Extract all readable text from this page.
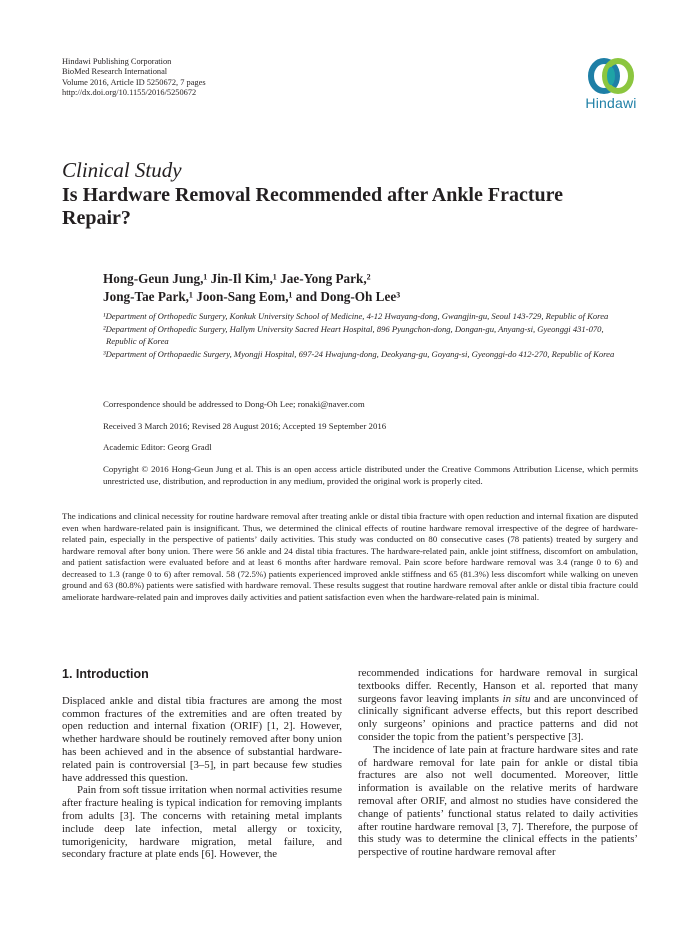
Hindawi Publishing Corporation
BioMed Research International
Volume 2016, Article ID 5250672, 7 pages
http://dx.doi.org/10.1155/2016/5250672
Hindawi
Clinical Study
Is Hardware Removal Recommended after Ankle Fracture Repair?
Hong-Geun Jung,¹ Jin-Il Kim,¹ Jae-Yong Park,²
Jong-Tae Park,¹ Joon-Sang Eom,¹ and Dong-Oh Lee³
¹Department of Orthopedic Surgery, Konkuk University School of Medicine, 4-12 Hwayang-dong, Gwangjin-gu, Seoul 143-729, Republic of Korea
²Department of Orthopedic Surgery, Hallym University Sacred Heart Hospital, 896 Pyungchon-dong, Dongan-gu, Anyang-si, Gyeonggi 431-070, Republic of Korea
³Department of Orthopaedic Surgery, Myongji Hospital, 697-24 Hwajung-dong, Deokyang-gu, Goyang-si, Gyeonggi-do 412-270, Republic of Korea
Correspondence should be addressed to Dong-Oh Lee; ronaki@naver.com
Received 3 March 2016; Revised 28 August 2016; Accepted 19 September 2016
Academic Editor: Georg Gradl
Copyright © 2016 Hong-Geun Jung et al. This is an open access article distributed under the Creative Commons Attribution License, which permits unrestricted use, distribution, and reproduction in any medium, provided the original work is properly cited.
The indications and clinical necessity for routine hardware removal after treating ankle or distal tibia fracture with open reduction and internal fixation are disputed even when hardware-related pain is insignificant. Thus, we determined the clinical effects of routine hardware removal irrespective of the degree of hardware-related pain, especially in the perspective of patients’ daily activities. This study was conducted on 80 consecutive cases (78 patients) treated by surgery and hardware removal after bony union. There were 56 ankle and 24 distal tibia fractures. The hardware-related pain, ankle joint stiffness, discomfort on ambulation, and patient satisfaction were evaluated before and at least 6 months after hardware removal. Pain score before hardware removal was 3.4 (range 0 to 6) and decreased to 1.3 (range 0 to 6) after removal. 58 (72.5%) patients experienced improved ankle stiffness and 65 (81.3%) less discomfort while walking on uneven ground and 63 (80.8%) patients were satisfied with hardware removal. These results suggest that routine hardware removal after ankle or distal tibia fracture could ameliorate hardware-related pain and improves daily activities and patient satisfaction even when the hardware-related pain is minimal.
1. Introduction

Displaced ankle and distal tibia fractures are among the most common fractures of the extremities and are often treated by open reduction and internal fixation (ORIF) [1, 2]. However, whether hardware should be routinely removed after bony union has been achieved and in the absence of substantial hardware-related pain is controversial [3–5], in part because few studies have addressed this question.

Pain from soft tissue irritation when normal activities resume after fracture healing is typical indication for removing implants from adults [3]. The concerns with retaining metal implants include deep late infection, metal allergy or toxicity, tumorigenicity, hardware migration, metal failure, and secondary fracture at plate ends [6]. However, the

recommended indications for hardware removal in surgical textbooks differ. Recently, Hanson et al. reported that many surgeons favor leaving implants in situ and are unconvinced of clinically significant adverse effects, but this report described only surgeons’ opinions and practice patterns and did not consider the topic from the patient’s perspective [3].

The incidence of late pain at fracture hardware sites and rate of hardware removal for late pain for ankle or distal tibia fractures are also not well documented. Moreover, little information is available on the relative merits of hardware removal after ORIF, and almost no studies have considered the change of patients’ functional status related to daily activities after routine hardware removal [3, 7]. Therefore, the purpose of this study was to determine the clinical effects in the patients’ perspective of routine hardware removal after
